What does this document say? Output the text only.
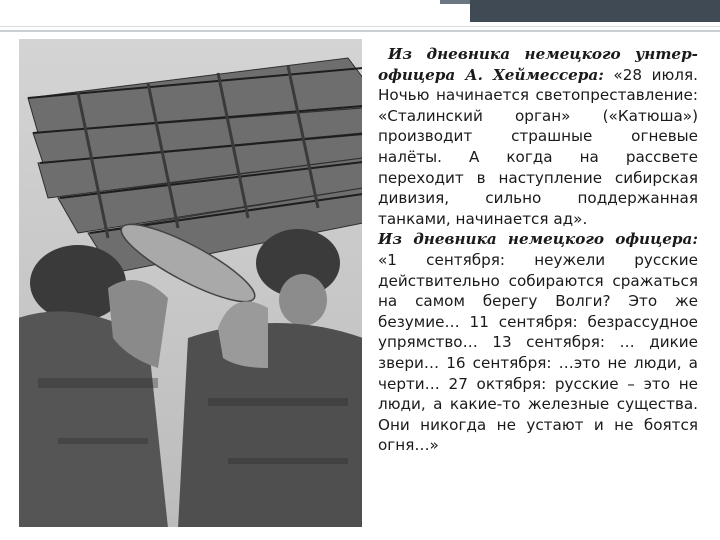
Из дневника немецкого унтер-офицера А. Хеймессера: «28 июля. Ночью начинается светопреставление: «Сталинский орган» («Катюша») производит страшные огневые налёты. А когда на рассвете переходит в наступление сибирская дивизия, сильно поддержанная танками, начинается ад».

Из дневника немецкого офицера: «1 сентября: неужели русские действительно собираются сражаться на самом берегу Волги? Это же безумие… 11 сентября: безрассудное упрямство… 13 сентября: … дикие звери… 16 сентября: …это не люди, а черти… 27 октября: русские – это не люди, а какие-то железные существа. Они никогда не устают и не боятся огня…»
